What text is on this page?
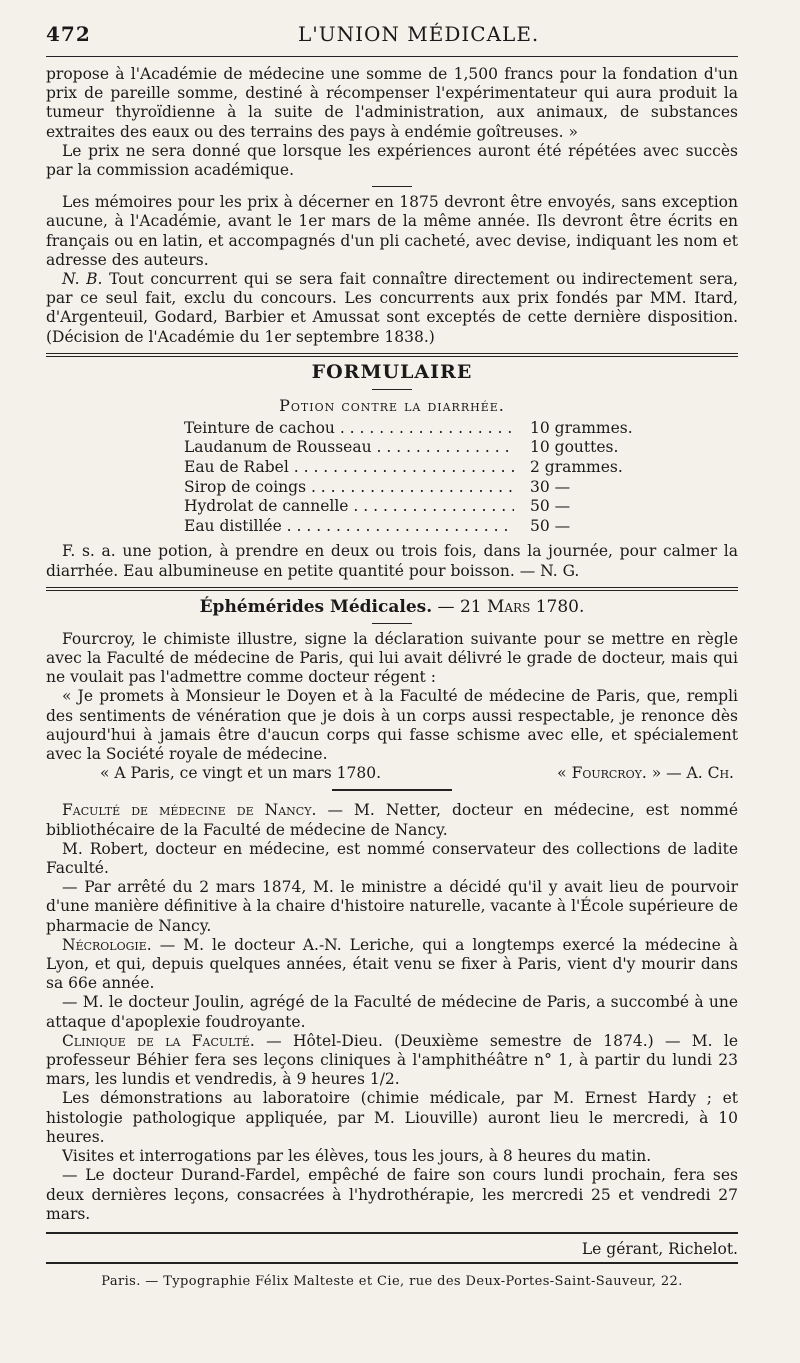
472	L'UNION MÉDICALE.

propose à l'Académie de médecine une somme de 1,500 francs pour la fondation d'un prix de pareille somme, destiné à récompenser l'expérimentateur qui aura produit la tumeur thyroïdienne à la suite de l'administration, aux animaux, de substances extraites des eaux ou des terrains des pays à endémie goîtreuses. »

Le prix ne sera donné que lorsque les expériences auront été répétées avec succès par la commission académique.

Les mémoires pour les prix à décerner en 1875 devront être envoyés, sans exception aucune, à l'Académie, avant le 1er mars de la même année. Ils devront être écrits en français ou en latin, et accompagnés d'un pli cacheté, avec devise, indiquant les nom et adresse des auteurs.

N. B. Tout concurrent qui se sera fait connaître directement ou indirectement sera, par ce seul fait, exclu du concours. Les concurrents aux prix fondés par MM. Itard, d'Argenteuil, Godard, Barbier et Amussat sont exceptés de cette dernière disposition. (Décision de l'Académie du 1er septembre 1838.)

FORMULAIRE
Potion contre la diarrhée.
Teinture de cachou . . .	10 grammes.
Laudanum de Rousseau . . .	10 gouttes.
Eau de Rabel . . .	2 grammes.
Sirop de coings . . .	30 —
Hydrolat de cannelle . . .	50 —
Eau distillée . . .	50 —
F. s. a. une potion, à prendre en deux ou trois fois, dans la journée, pour calmer la diarrhée. Eau albumineuse en petite quantité pour boisson. — N. G.
Éphémérides Médicales. — 21 Mars 1780.

Fourcroy, le chimiste illustre, signe la déclaration suivante pour se mettre en règle avec la Faculté de médecine de Paris, qui lui avait délivré le grade de docteur, mais qui ne voulait pas l'admettre comme docteur régent :

« Je promets à Monsieur le Doyen et à la Faculté de médecine de Paris, que, rempli des sentiments de vénération que je dois à un corps aussi respectable, je renonce dès aujourd'hui à jamais être d'aucun corps qui fasse schisme avec elle, et spécialement avec la Société royale de médecine.

« A Paris, ce vingt et un mars 1780.	« Fourcroy. » — A. Ch.

Faculté de médecine de Nancy. — M. Netter, docteur en médecine, est nommé bibliothécaire de la Faculté de médecine de Nancy.

M. Robert, docteur en médecine, est nommé conservateur des collections de ladite Faculté.

— Par arrêté du 2 mars 1874, M. le ministre a décidé qu'il y avait lieu de pourvoir d'une manière définitive à la chaire d'histoire naturelle, vacante à l'École supérieure de pharmacie de Nancy.

Nécrologie. — M. le docteur A.-N. Leriche, qui a longtemps exercé la médecine à Lyon, et qui, depuis quelques années, était venu se fixer à Paris, vient d'y mourir dans sa 66e année.

— M. le docteur Joulin, agrégé de la Faculté de médecine de Paris, a succombé à une attaque d'apoplexie foudroyante.

Clinique de la Faculté. — Hôtel-Dieu. (Deuxième semestre de 1874.) — M. le professeur Béhier fera ses leçons cliniques à l'amphithéâtre n° 1, à partir du lundi 23 mars, les lundis et vendredis, à 9 heures 1/2.

Les démonstrations au laboratoire (chimie médicale, par M. Ernest Hardy ; et histologie pathologique appliquée, par M. Liouville) auront lieu le mercredi, à 10 heures.

Visites et interrogations par les élèves, tous les jours, à 8 heures du matin.

— Le docteur Durand-Fardel, empêché de faire son cours lundi prochain, fera ses deux dernières leçons, consacrées à l'hydrothérapie, les mercredi 25 et vendredi 27 mars.

Le gérant, Richelot.
Paris. — Typographie Félix Malteste et Cie, rue des Deux-Portes-Saint-Sauveur, 22.
